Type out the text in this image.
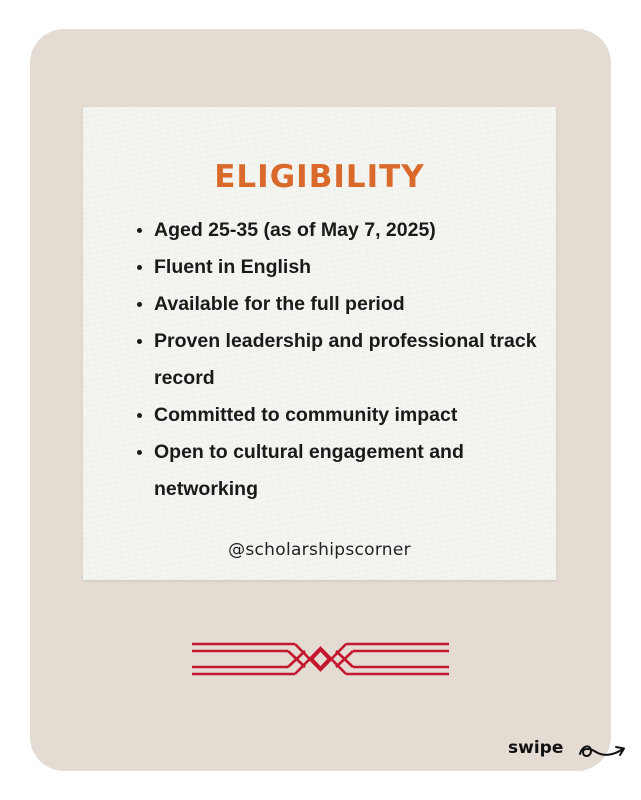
ELIGIBILITY
Aged 25-35 (as of May 7, 2025)
Fluent in English
Available for the full period
Proven leadership and professional track record
Committed to community impact
Open to cultural engagement and networking
@scholarshipscorner
swipe
